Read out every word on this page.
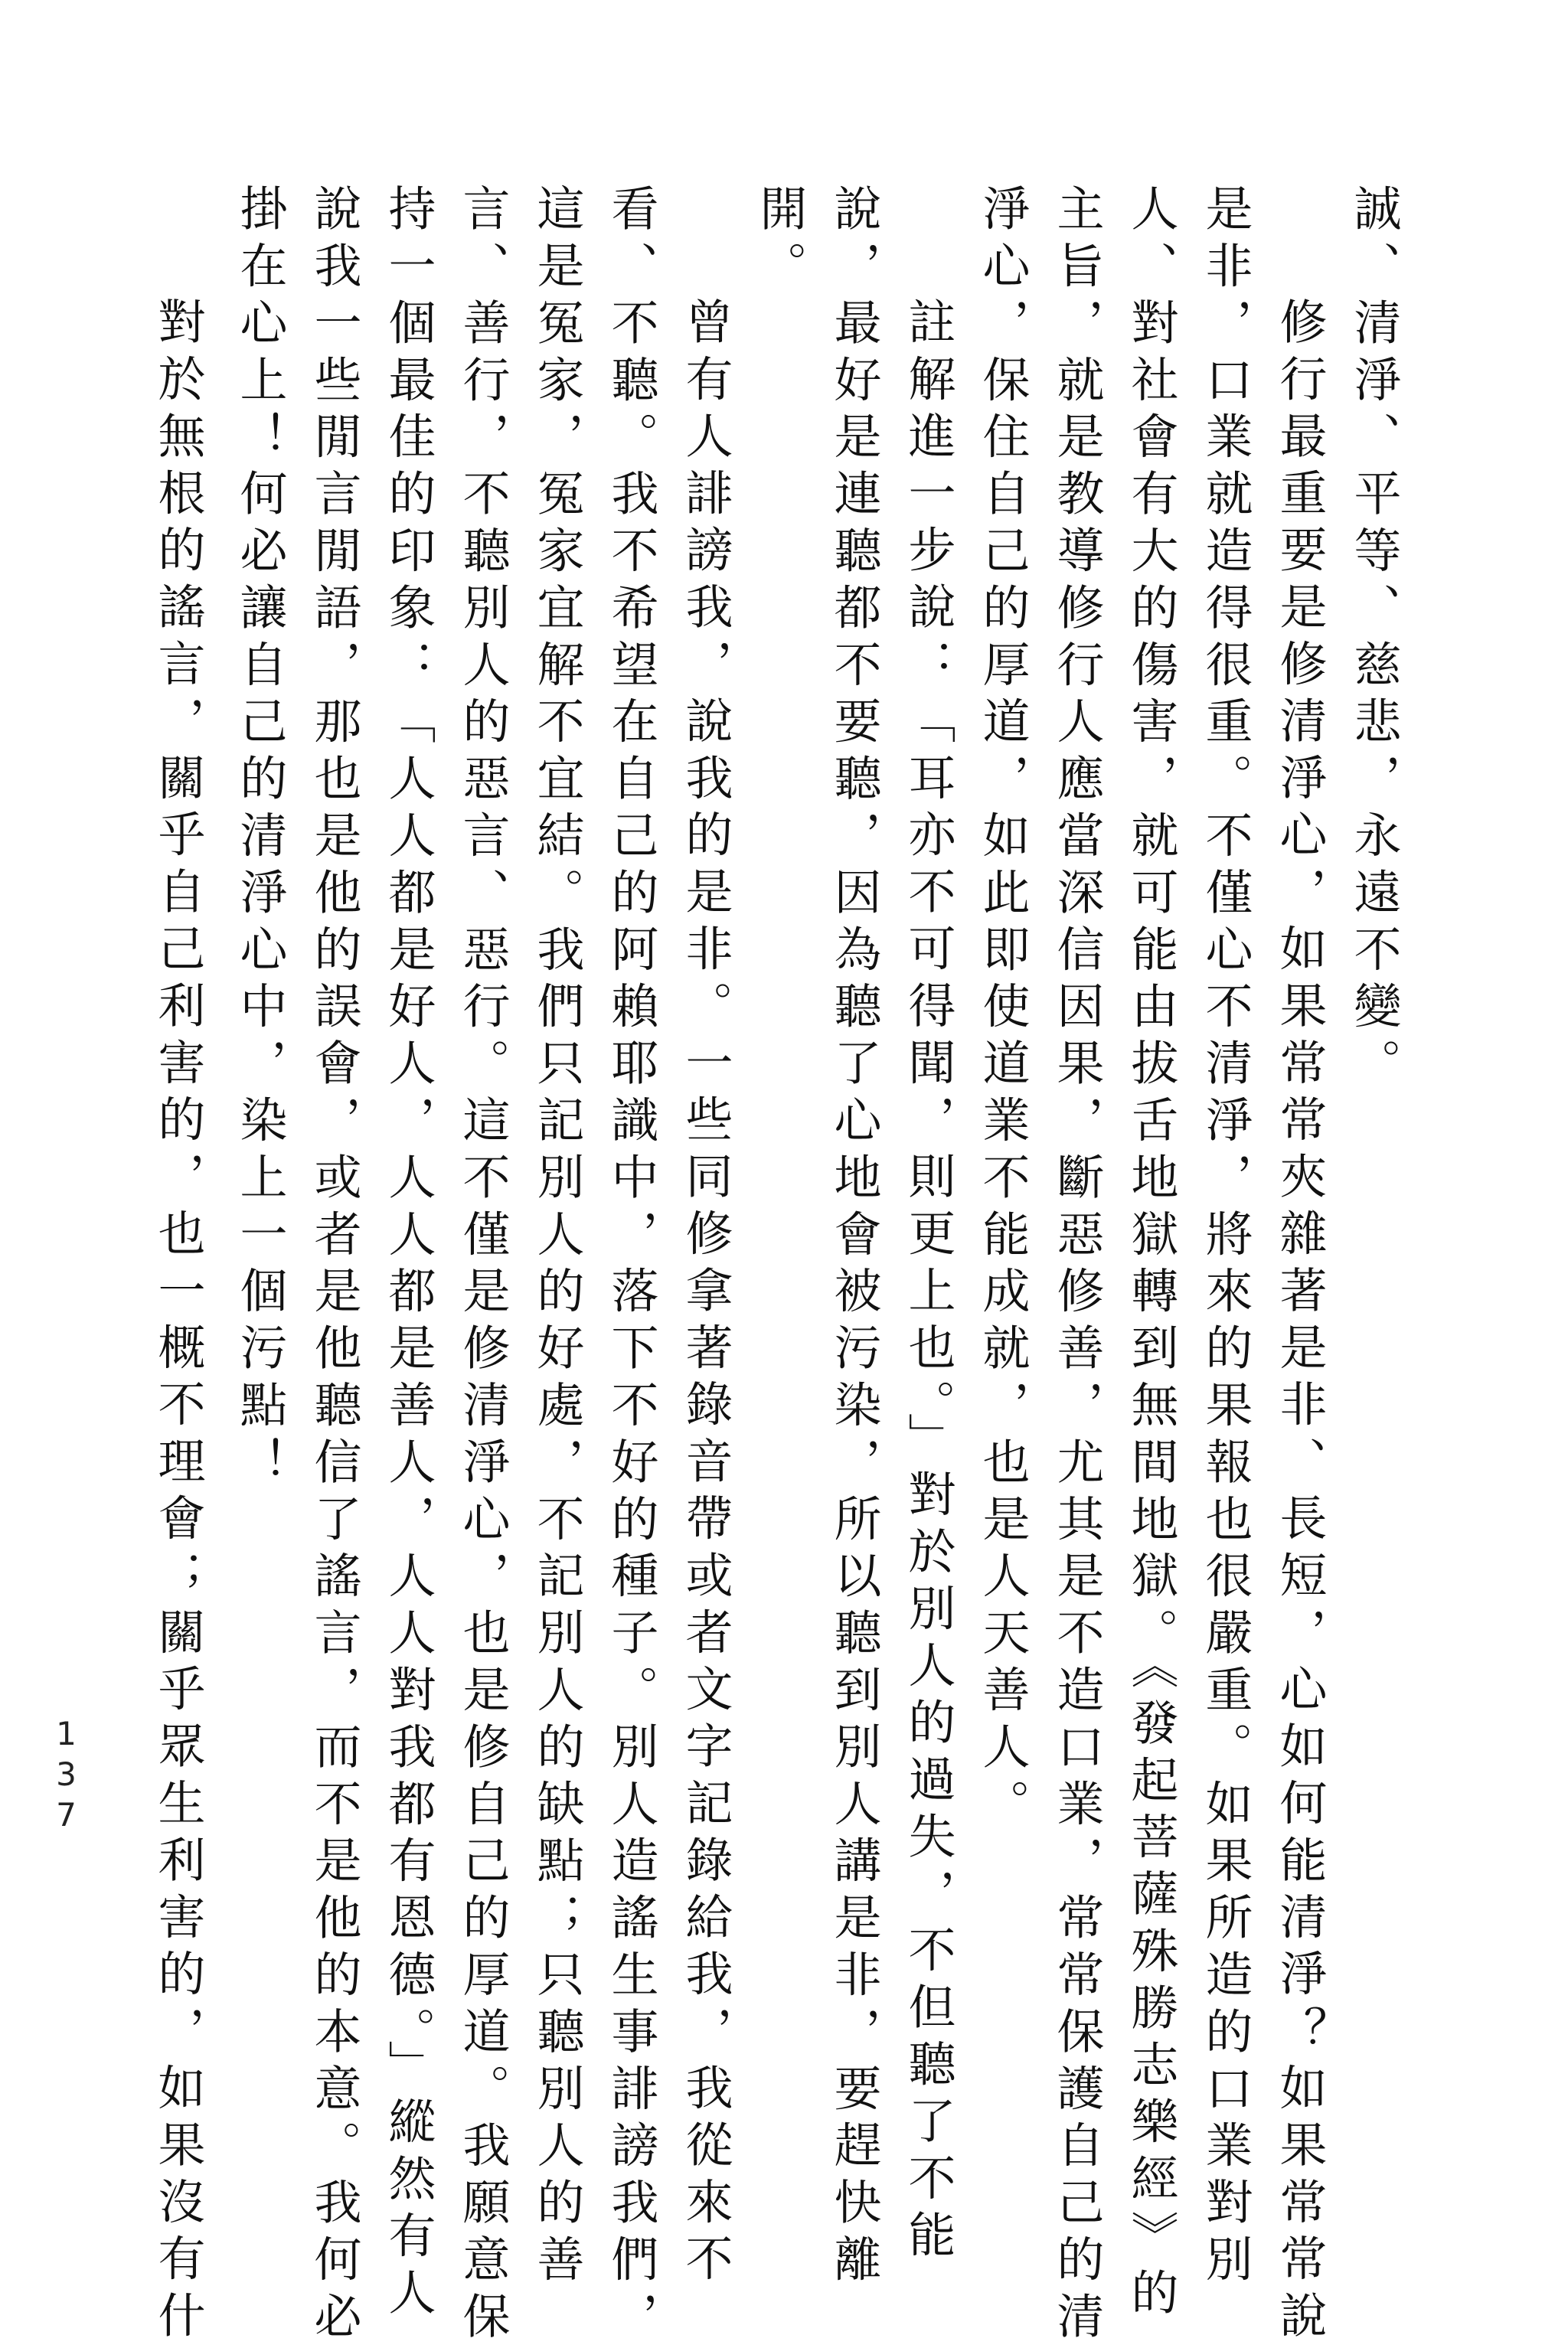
誠、清淨、平等、慈悲，永遠不變。
修行最重要是修清淨心，如果常常夾雜著是非、長短，心如何能清淨？如果常常說
是非，口業就造得很重。不僅心不清淨，將來的果報也很嚴重。如果所造的口業對別
人、對社會有大的傷害，就可能由拔舌地獄轉到無間地獄。《發起菩薩殊勝志樂經》的
主旨，就是教導修行人應當深信因果，斷惡修善，尤其是不造口業，常常保護自己的清
淨心，保住自己的厚道，如此即使道業不能成就，也是人天善人。
註解進一步說：「耳亦不可得聞，則更上也。」對於別人的過失，不但聽了不能
說，最好是連聽都不要聽，因為聽了心地會被污染，所以聽到別人講是非，要趕快離
開。
曾有人誹謗我，說我的是非。一些同修拿著錄音帶或者文字記錄給我，我從來不
看、不聽。我不希望在自己的阿賴耶識中，落下不好的種子。別人造謠生事誹謗我們，
這是冤家，冤家宜解不宜結。我們只記別人的好處，不記別人的缺點；只聽別人的善
言、善行，不聽別人的惡言、惡行。這不僅是修清淨心，也是修自己的厚道。我願意保
持一個最佳的印象：「人人都是好人，人人都是善人，人人對我都有恩德。」縱然有人
說我一些閒言閒語，那也是他的誤會，或者是他聽信了謠言，而不是他的本意。我何必
掛在心上！何必讓自己的清淨心中，染上一個污點！
對於無根的謠言，關乎自己利害的，也一概不理會；關乎眾生利害的，如果沒有什
137
